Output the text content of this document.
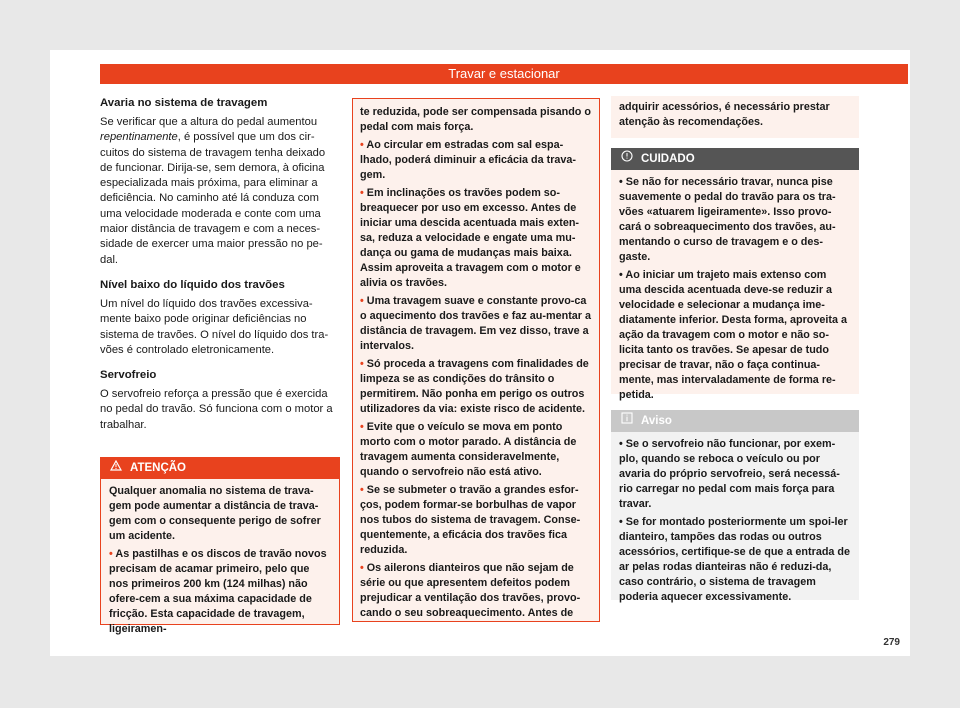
Travar e estacionar
Avaria no sistema de travagem

Se verificar que a altura do pedal aumentou repentinamente, é possível que um dos cir-cuitos do sistema de travagem tenha deixado de funcionar. Dirija-se, sem demora, à oficina especializada mais próxima, para eliminar a deficiência. No caminho até lá conduza com uma velocidade moderada e conte com uma maior distância de travagem e com a neces-sidade de exercer uma maior pressão no pe-dal.

Nível baixo do líquido dos travões

Um nível do líquido dos travões excessiva-mente baixo pode originar deficiências no sistema de travões. O nível do líquido dos tra-vões é controlado eletronicamente.

Servofreio

O servofreio reforça a pressão que é exercida no pedal do travão. Só funciona com o motor a trabalhar.

ATENÇÃO

Qualquer anomalia no sistema de trava-gem pode aumentar a distância de trava-gem com o consequente perigo de sofrer um acidente.

• As pastilhas e os discos de travão novos precisam de acamar primeiro, pelo que nos primeiros 200 km (124 milhas) não ofere-cem a sua máxima capacidade de fricção. Esta capacidade de travagem, ligeiramen-

te reduzida, pode ser compensada pisando o pedal com mais força.

• Ao circular em estradas com sal espa-lhado, poderá diminuir a eficácia da trava-gem.

• Em inclinações os travões podem so-breaquecer por uso em excesso. Antes de iniciar uma descida acentuada mais exten-sa, reduza a velocidade e engate uma mu-dança ou gama de mudanças mais baixa. Assim aproveita a travagem com o motor e alivia os travões.

• Uma travagem suave e constante provo-ca o aquecimento dos travões e faz au-mentar a distância de travagem. Em vez disso, trave a intervalos.

• Só proceda a travagens com finalidades de limpeza se as condições do trânsito o permitirem. Não ponha em perigo os outros utilizadores da via: existe risco de acidente.

• Evite que o veículo se mova em ponto morto com o motor parado. A distância de travagem aumenta consideravelmente, quando o servofreio não está ativo.

• Se se submeter o travão a grandes esfor-ços, podem formar-se borbulhas de vapor nos tubos do sistema de travagem. Conse-quentemente, a eficácia dos travões fica reduzida.

• Os ailerons dianteiros que não sejam de série ou que apresentem defeitos podem prejudicar a ventilação dos travões, provo-cando o seu sobreaquecimento. Antes de

adquirir acessórios, é necessário prestar atenção às recomendações.
CUIDADO

• Se não for necessário travar, nunca pise suavemente o pedal do travão para os tra-vões «atuarem ligeiramente». Isso provo-cará o sobreaquecimento dos travões, au-mentando o curso de travagem e o des-gaste.

• Ao iniciar um trajeto mais extenso com uma descida acentuada deve-se reduzir a velocidade e selecionar a mudança ime-diatamente inferior. Desta forma, aproveita a ação da travagem com o motor e não so-licita tanto os travões. Se apesar de tudo precisar de travar, não o faça continua-mente, mas intervaladamente de forma re-petida.

Aviso

• Se o servofreio não funcionar, por exem-plo, quando se reboca o veículo ou por avaria do próprio servofreio, será necessá-rio carregar no pedal com mais força para travar.

• Se for montado posteriormente um spoi-ler dianteiro, tampões das rodas ou outros acessórios, certifique-se de que a entrada de ar pelas rodas dianteiras não é reduzi-da, caso contrário, o sistema de travagem poderia aquecer excessivamente.

279
